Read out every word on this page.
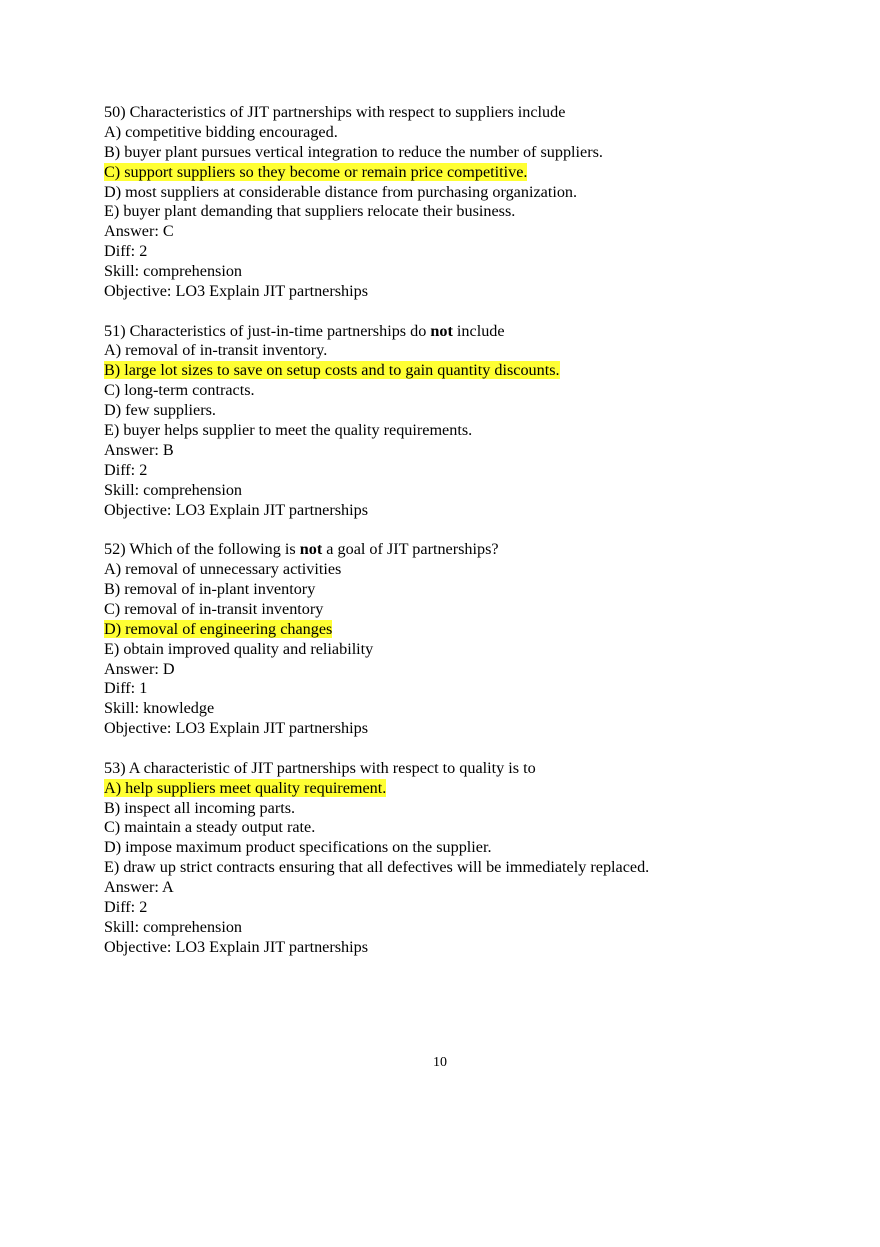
50) Characteristics of JIT partnerships with respect to suppliers include
A) competitive bidding encouraged.
B) buyer plant pursues vertical integration to reduce the number of suppliers.
C) support suppliers so they become or remain price competitive.
D) most suppliers at considerable distance from purchasing organization.
E) buyer plant demanding that suppliers relocate their business.
Answer: C
Diff: 2
Skill: comprehension
Objective: LO3 Explain JIT partnerships
51) Characteristics of just-in-time partnerships do not include
A) removal of in-transit inventory.
B) large lot sizes to save on setup costs and to gain quantity discounts.
C) long-term contracts.
D) few suppliers.
E) buyer helps supplier to meet the quality requirements.
Answer: B
Diff: 2
Skill: comprehension
Objective: LO3 Explain JIT partnerships
52) Which of the following is not a goal of JIT partnerships?
A) removal of unnecessary activities
B) removal of in-plant inventory
C) removal of in-transit inventory
D) removal of engineering changes
E) obtain improved quality and reliability
Answer: D
Diff: 1
Skill: knowledge
Objective: LO3 Explain JIT partnerships
53) A characteristic of JIT partnerships with respect to quality is to
A) help suppliers meet quality requirement.
B) inspect all incoming parts.
C) maintain a steady output rate.
D) impose maximum product specifications on the supplier.
E) draw up strict contracts ensuring that all defectives will be immediately replaced.
Answer: A
Diff: 2
Skill: comprehension
Objective: LO3 Explain JIT partnerships
10
